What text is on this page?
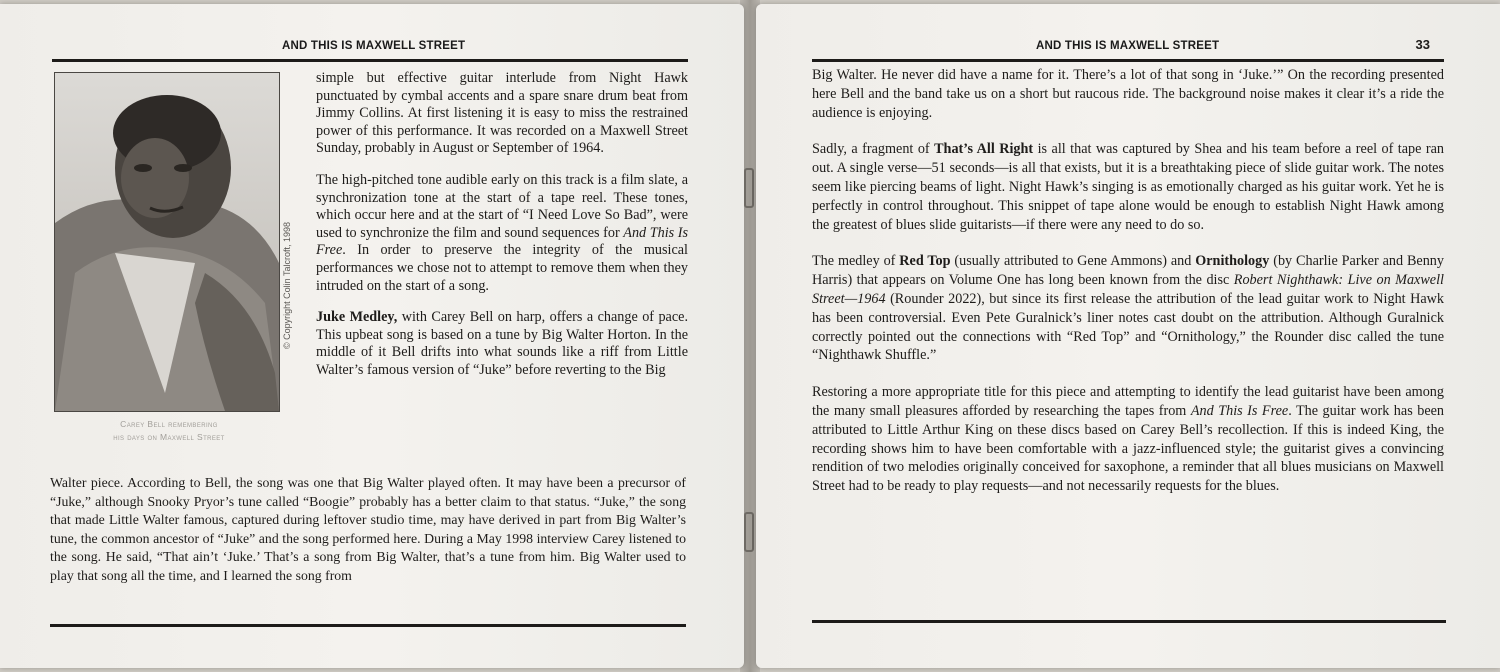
AND THIS IS MAXWELL STREET
© Copyright Colin Talcroft, 1998
Carey Bell remembering
his days on Maxwell Street

simple but effective guitar interlude from Night Hawk punctuated by cymbal accents and a spare snare drum beat from Jimmy Collins. At first listening it is easy to miss the restrained power of this performance. It was recorded on a Maxwell Street Sunday, probably in August or September of 1964.

The high-pitched tone audible early on this track is a film slate, a synchronization tone at the start of a tape reel. These tones, which occur here and at the start of “I Need Love So Bad”, were used to synchronize the film and sound sequences for And This Is Free. In order to preserve the integrity of the musical performances we chose not to attempt to remove them when they intruded on the start of a song.

Juke Medley, with Carey Bell on harp, offers a change of pace. This upbeat song is based on a tune by Big Walter Horton. In the middle of it Bell drifts into what sounds like a riff from Little Walter’s famous version of “Juke” before reverting to the Big

Walter piece. According to Bell, the song was one that Big Walter played often. It may have been a precursor of “Juke,” although Snooky Pryor’s tune called “Boogie” probably has a better claim to that status. “Juke,” the song that made Little Walter famous, captured during leftover studio time, may have derived in part from Big Walter’s tune, the common ancestor of “Juke” and the song performed here. During a May 1998 interview Carey listened to the song. He said, “That ain’t ‘Juke.’ That’s a song from Big Walter, that’s a tune from him. Big Walter used to play that song all the time, and I learned the song from

AND THIS IS MAXWELL STREET	33

Big Walter. He never did have a name for it. There’s a lot of that song in ‘Juke.’” On the recording presented here Bell and the band take us on a short but raucous ride. The background noise makes it clear it’s a ride the audience is enjoying.

Sadly, a fragment of That’s All Right is all that was captured by Shea and his team before a reel of tape ran out. A single verse—51 seconds—is all that exists, but it is a breathtaking piece of slide guitar work. The notes seem like piercing beams of light. Night Hawk’s singing is as emotionally charged as his guitar work. Yet he is perfectly in control throughout. This snippet of tape alone would be enough to establish Night Hawk among the greatest of blues slide guitarists—if there were any need to do so.

The medley of Red Top (usually attributed to Gene Ammons) and Ornithology (by Charlie Parker and Benny Harris) that appears on Volume One has long been known from the disc Robert Nighthawk: Live on Maxwell Street—1964 (Rounder 2022), but since its first release the attribution of the lead guitar work to Night Hawk has been controversial. Even Pete Guralnick’s liner notes cast doubt on the attribution. Although Guralnick correctly pointed out the connections with “Red Top” and “Ornithology,” the Rounder disc called the tune “Nighthawk Shuffle.”

Restoring a more appropriate title for this piece and attempting to identify the lead guitarist have been among the many small pleasures afforded by researching the tapes from And This Is Free. The guitar work has been attributed to Little Arthur King on these discs based on Carey Bell’s recollection. If this is indeed King, the recording shows him to have been comfortable with a jazz-influenced style; the guitarist gives a convincing rendition of two melodies originally conceived for saxophone, a reminder that all blues musicians on Maxwell Street had to be ready to play requests—and not necessarily requests for the blues.
